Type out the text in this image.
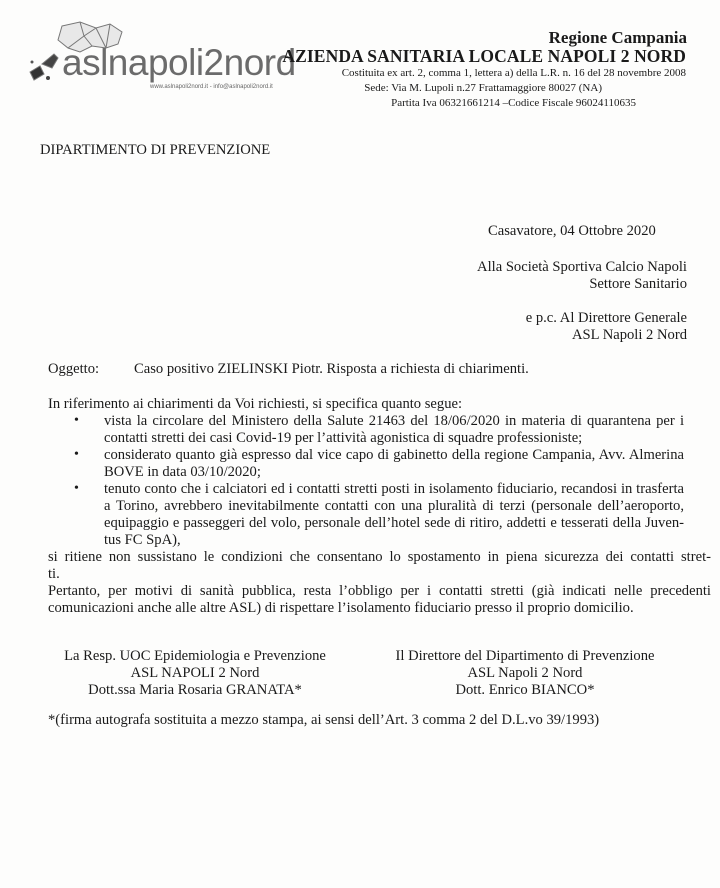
aslnapoli2nord
www.aslnapoli2nord.it - info@aslnapoli2nord.it
Regione Campania
AZIENDA SANITARIA LOCALE NAPOLI 2 NORD
Costituita ex art. 2, comma 1, lettera a) della L.R. n. 16 del 28 novembre 2008
Sede: Via M. Lupoli n.27 Frattamaggiore 80027 (NA)
Partita Iva 06321661214 –Codice Fiscale 96024110635
DIPARTIMENTO DI PREVENZIONE
Casavatore, 04 Ottobre 2020
Alla Società Sportiva Calcio Napoli
Settore Sanitario
e p.c. Al Direttore Generale
ASL Napoli 2 Nord
Oggetto: Caso positivo ZIELINSKI Piotr. Risposta a richiesta di chiarimenti.
In riferimento ai chiarimenti da Voi richiesti, si specifica quanto segue:
• vista la circolare del Ministero della Salute 21463 del 18/06/2020 in materia di quarantena per i
contatti stretti dei casi Covid-19 per l’attività agonistica di squadre professioniste;
• considerato quanto già espresso dal vice capo di gabinetto della regione Campania, Avv. Almerina
BOVE in data 03/10/2020;
• tenuto conto che i calciatori ed i contatti stretti posti in isolamento fiduciario, recandosi in trasferta
a Torino, avrebbero inevitabilmente contatti con una pluralità di terzi (personale dell’aeroporto,
equipaggio e passeggeri del volo, personale dell’hotel sede di ritiro, addetti e tesserati della Juven-
tus FC SpA),
si ritiene non sussistano le condizioni che consentano lo spostamento in piena sicurezza dei contatti stret-
ti.
Pertanto, per motivi di sanità pubblica, resta l’obbligo per i contatti stretti (già indicati nelle precedenti
comunicazioni anche alle altre ASL) di rispettare l’isolamento fiduciario presso il proprio domicilio.
La Resp. UOC Epidemiologia e Prevenzione
ASL NAPOLI 2 Nord
Dott.ssa Maria Rosaria GRANATA*
Il Direttore del Dipartimento di Prevenzione
ASL Napoli 2 Nord
Dott. Enrico BIANCO*
*(firma autografa sostituita a mezzo stampa, ai sensi dell’Art. 3 comma 2 del D.L.vo 39/1993)
